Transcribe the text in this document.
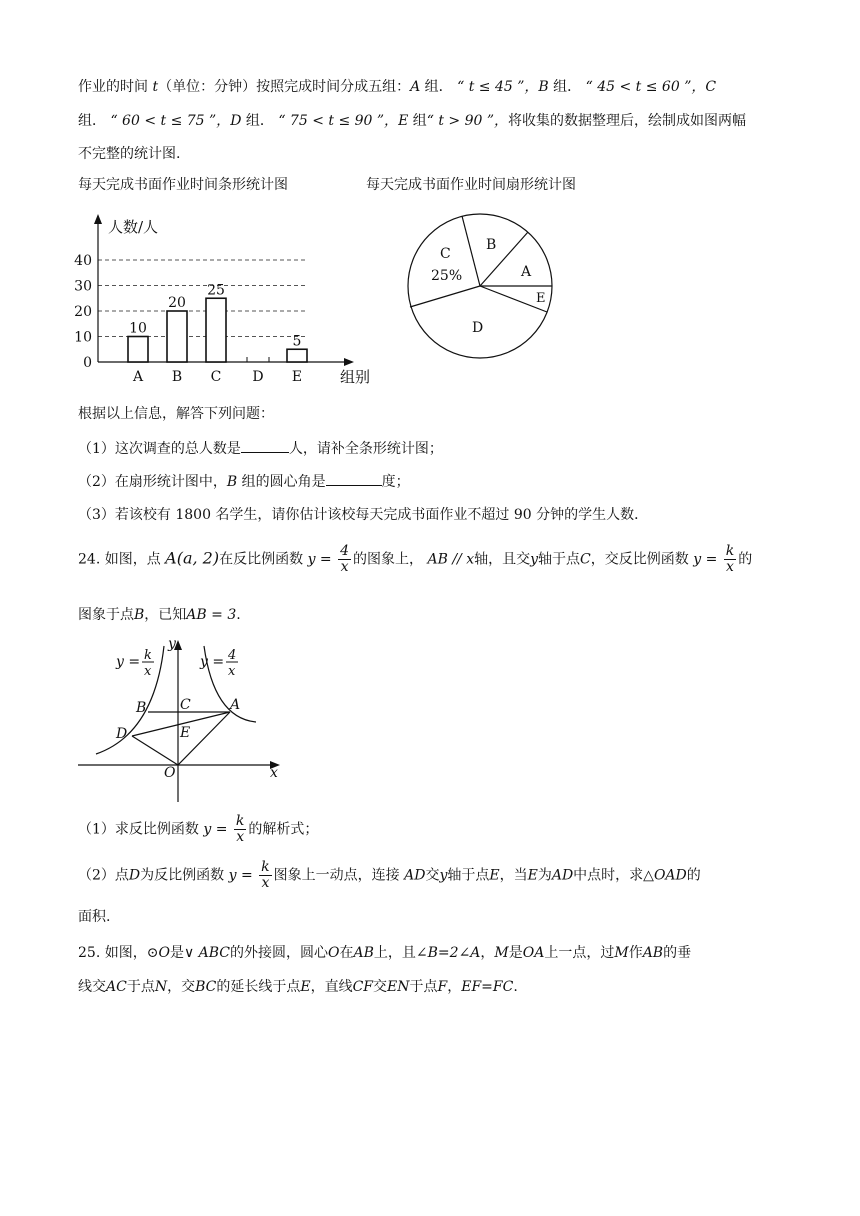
作业的时间 t（单位：分钟）按照完成时间分成五组：A 组． “ t ≤ 45 ”，B 组． “ 45 < t ≤ 60 ”，C
组． “ 60 < t ≤ 75 ”，D 组． “ 75 < t ≤ 90 ”，E 组“ t > 90 ”，将收集的数据整理后，绘制成如图两幅
不完整的统计图.
每天完成书面作业时间条形统计图	每天完成书面作业时间扇形统计图
0
10
20
30
40
A B C D E
10
20
25
5
人数/人
组别
C
25%
B
A
E
D
根据以上信息，解答下列问题：
（1）这次调查的总人数是	人，请补全条形统计图；
（2）在扇形统计图中，B 组的圆心角是	度；
（3）若该校有 1800 名学生，请你估计该校每天完成书面作业不超过 90 分钟的学生人数．
24. 如图，点 A(a, 2)在反比例函数 $y = \frac{4}{x}$ 的图象上， AB // x轴，且交y轴于点C，交反比例函数 $y = \frac{k}{x}$ 的
图象于点B，已知AB = 3.
y = k
x
y = 4
x
y
x
B C	A
D	E
O
（1）求反比例函数 $y = \frac{k}{x}$ 的解析式；
（2）点D为反比例函数 $y = \frac{k}{x}$ 图象上一动点，连接 AD交y轴于点E，当E为AD中点时，求△OAD的
面积.
25. 如图，⊙O是∨ ABC的外接圆，圆心O在AB上，且∠B=2∠A，M是OA上一点，过M作AB的垂
线交AC于点N，交BC的延长线于点E，直线CF交EN于点F，EF=FC.
